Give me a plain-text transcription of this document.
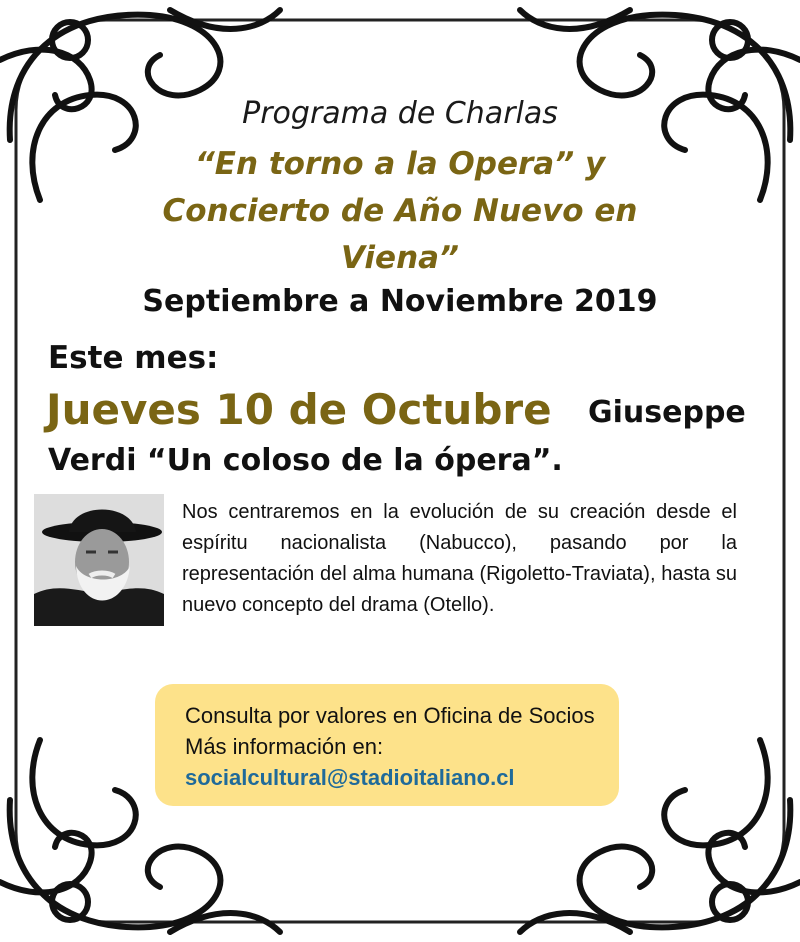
Programa de Charlas
“En torno a la Opera” y
Concierto de Año Nuevo en
Viena”
Septiembre a Noviembre 2019
Este mes:
Jueves 10 de Octubre Giuseppe
Verdi “Un coloso de la ópera”.
Nos centraremos en la evolución de su creación desde el espíritu nacionalista (Nabucco), pasando por la representación del alma humana (Rigoletto-Traviata), hasta su nuevo concepto del drama (Otello).
Consulta por valores en Oficina de Socios
Más información en:
socialcultural@stadioitaliano.cl
